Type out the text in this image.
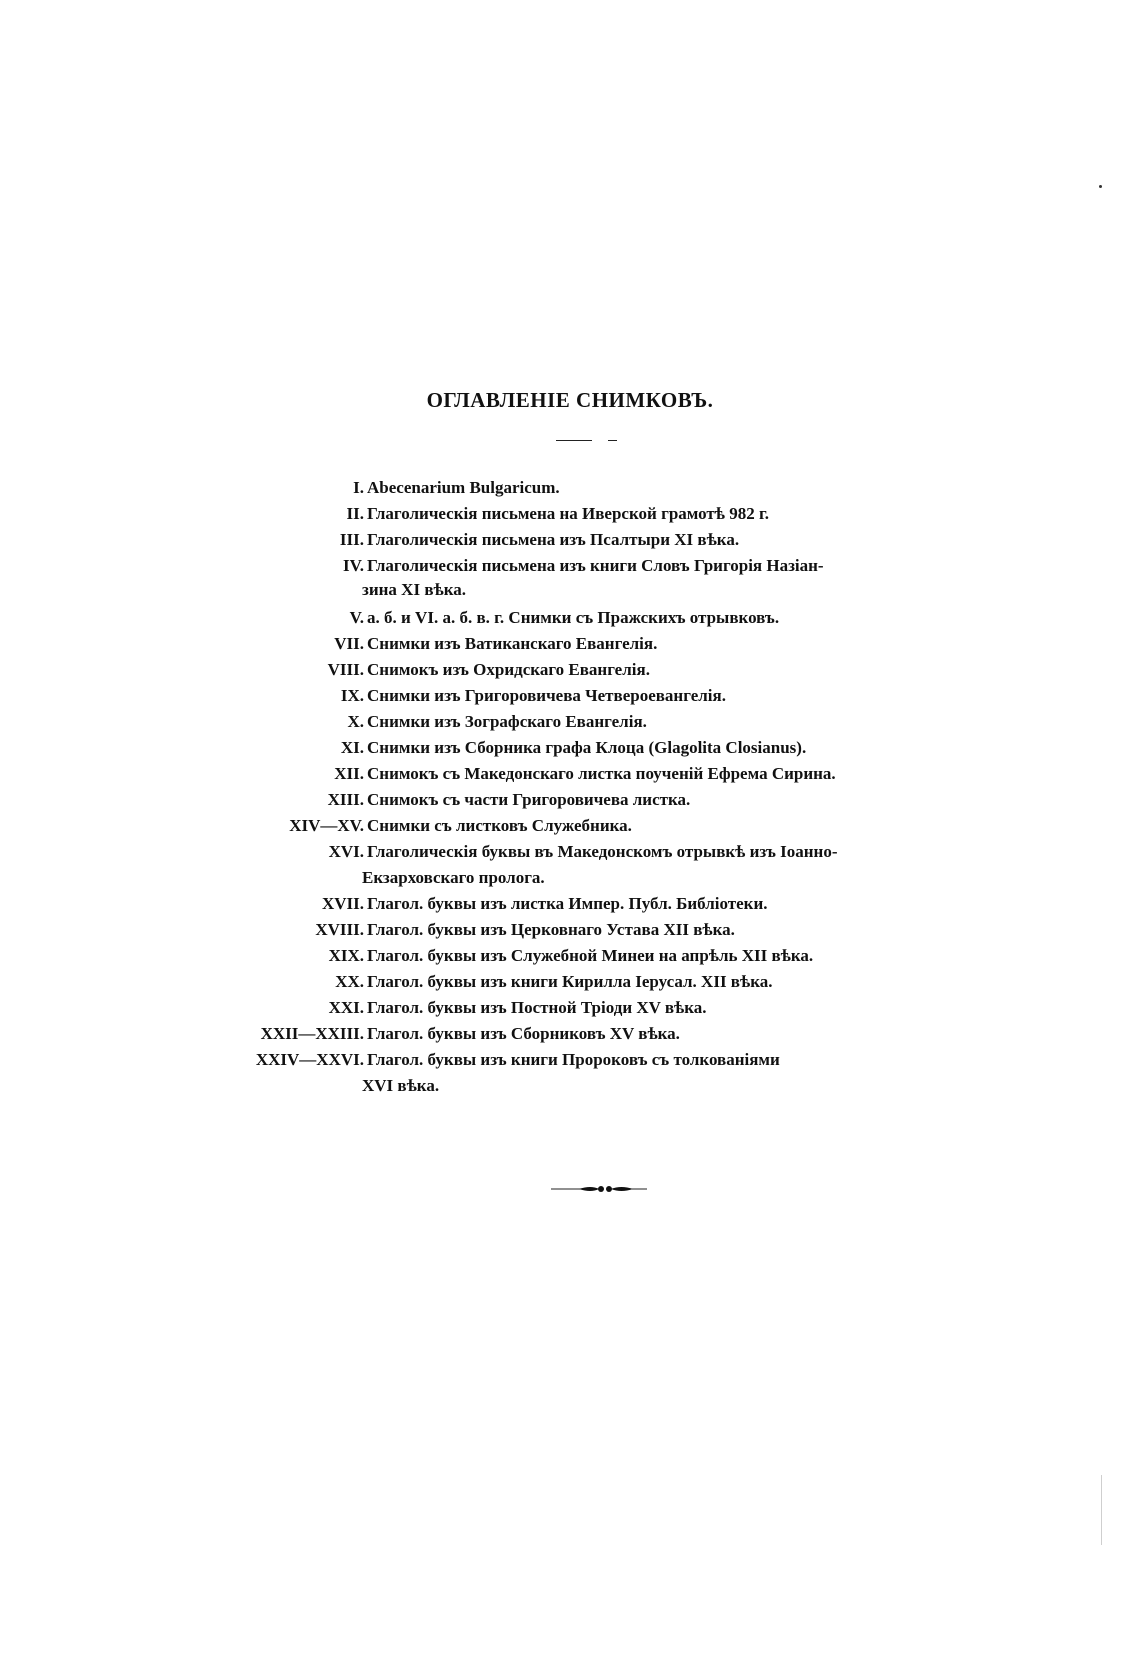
ОГЛАВЛЕНIЕ СНИМКОВЪ.
I. Abecenarium Bulgaricum.
II. Глаголическiя письмена на Иверской грамотѣ 982 г.
III. Глаголическiя письмена изъ Псалтыри XI вѣка.
IV. Глаголическiя письмена изъ книги Словъ Григорiя Назiан-
зина XI вѣка.
V. а. б. и VI. а. б. в. г. Снимки съ Пражскихъ отрывковъ.
VII. Снимки изъ Ватиканскаго Евангелiя.
VIII. Снимокъ изъ Охридскаго Евангелiя.
IX. Снимки изъ Григоровичева Четвероевангелiя.
X. Снимки изъ Зографскаго Евангелiя.
XI. Снимки изъ Сборника графа Клоца (Glagolita Closianus).
XII. Снимокъ съ Македонскаго листка поученiй Ефрема Сирина.
XIII. Снимокъ съ части Григоровичева листка.
XIV—XV. Снимки съ листковъ Служебника.
XVI. Глаголическiя буквы въ Македонскомъ отрывкѣ изъ Iоанно-
Екзарховскаго пролога.
XVII. Глагол. буквы изъ листка Импер. Публ. Библiотеки.
XVIII. Глагол. буквы изъ Церковнаго Устава XII вѣка.
XIX. Глагол. буквы изъ Служебной Минеи на апрѣль XII вѣка.
XX. Глагол. буквы изъ книги Кирилла Iерусал. XII вѣка.
XXI. Глагол. буквы изъ Постной Трiоди XV вѣка.
XXII—XXIII. Глагол. буквы изъ Сборниковъ XV вѣка.
XXIV—XXVI. Глагол. буквы изъ книги Пророковъ съ толкованiями
XVI вѣка.
